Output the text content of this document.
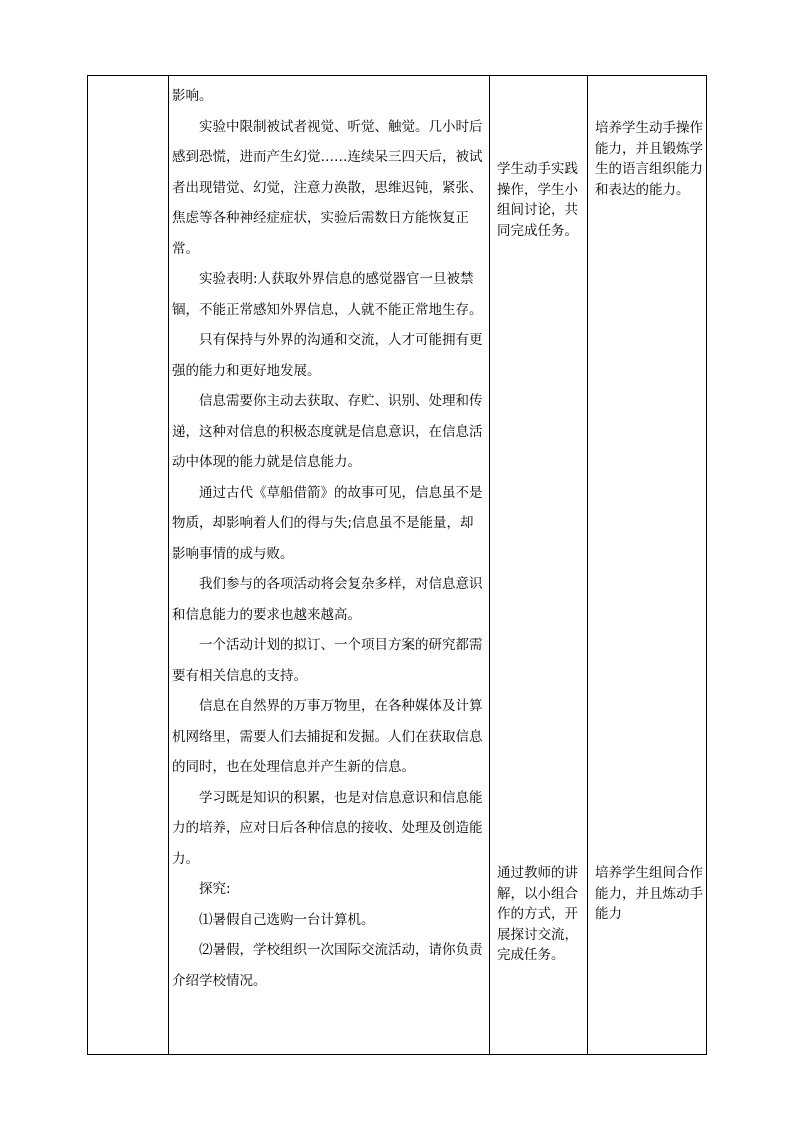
影响。

实验中限制被试者视觉、听觉、触觉。几小时后感到恐慌，进而产生幻觉……连续呆三四天后，被试者出现错觉、幻觉，注意力涣散，思维迟钝，紧张、焦虑等各种神经症症状，实验后需数日方能恢复正常。

实验表明:人获取外界信息的感觉器官一旦被禁锢，不能正常感知外界信息，人就不能正常地生存。

只有保持与外界的沟通和交流，人才可能拥有更强的能力和更好地发展。

信息需要你主动去获取、存贮、识别、处理和传递，这种对信息的积极态度就是信息意识，在信息活动中体现的能力就是信息能力。

通过古代《草船借箭》的故事可见，信息虽不是物质，却影响着人们的得与失;信息虽不是能量，却影响事情的成与败。

我们参与的各项活动将会复杂多样，对信息意识和信息能力的要求也越来越高。

一个活动计划的拟订、一个项目方案的研究都需要有相关信息的支持。

信息在自然界的万事万物里，在各种媒体及计算机网络里，需要人们去捕捉和发掘。人们在获取信息的同时，也在处理信息并产生新的信息。

学习既是知识的积累，也是对信息意识和信息能力的培养，应对日后各种信息的接收、处理及创造能力。

探究:

⑴暑假自己选购一台计算机。

⑵暑假，学校组织一次国际交流活动，请你负责介绍学校情况。

学生动手实践操作，学生小组间讨论，共同完成任务。

通过教师的讲解，以小组合作的方式，开展探讨交流，完成任务。

培养学生动手操作能力，并且锻炼学生的语言组织能力和表达的能力。

培养学生组间合作能力，并且炼动手能力
